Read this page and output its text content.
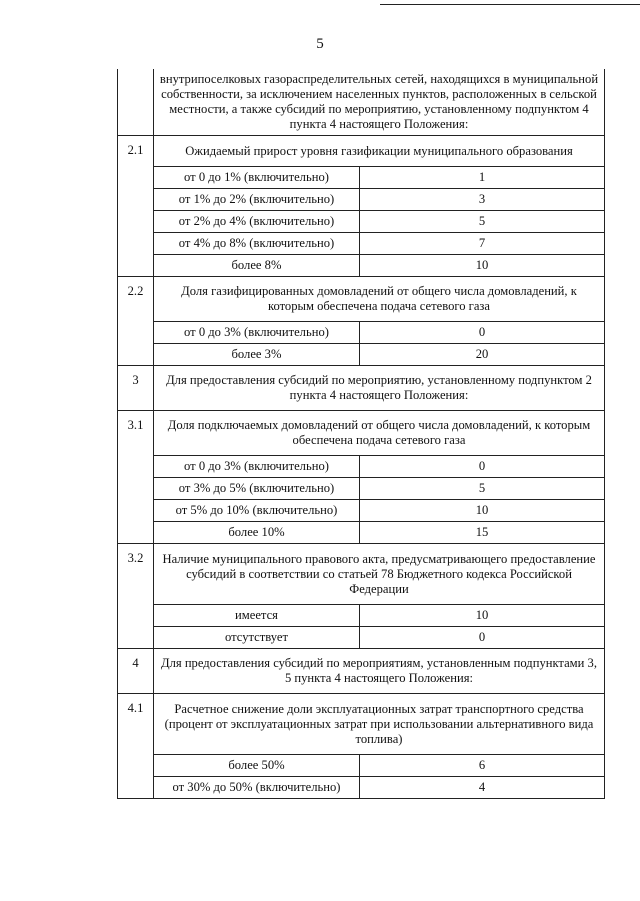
5
	внутрипоселковых газораспределительных сетей, находящихся в муниципальной собственности, за исключением населенных пунктов, расположенных в сельской местности, а также субсидий по мероприятию, установленному подпунктом 4 пункта 4 настоящего Положения:	
2.1	Ожидаемый прирост уровня газификации муниципального образования	
	от 0 до 1% (включительно)	1
	от 1% до 2% (включительно)	3
	от 2% до 4% (включительно)	5
	от 4% до 8% (включительно)	7
	более 8%	10
2.2	Доля газифицированных домовладений от общего числа домовладений, к которым обеспечена подача сетевого газа	
	от 0 до 3% (включительно)	0
	более 3%	20
3	Для предоставления субсидий по мероприятию, установленному подпунктом 2 пункта 4 настоящего Положения:	
3.1	Доля подключаемых домовладений от общего числа домовладений, к которым обеспечена подача сетевого газа	
	от 0 до 3% (включительно)	0
	от 3% до 5% (включительно)	5
	от 5% до 10% (включительно)	10
	более 10%	15
3.2	Наличие муниципального правового акта, предусматривающего предоставление субсидий в соответствии со статьей 78 Бюджетного кодекса Российской Федерации	
	имеется	10
	отсутствует	0
4	Для предоставления субсидий по мероприятиям, установленным подпунктами 3, 5 пункта 4 настоящего Положения:	
4.1	Расчетное снижение доли эксплуатационных затрат транспортного средства (процент от эксплуатационных затрат при использовании альтернативного вида топлива)	
	более 50%	6
	от 30% до 50% (включительно)	4
